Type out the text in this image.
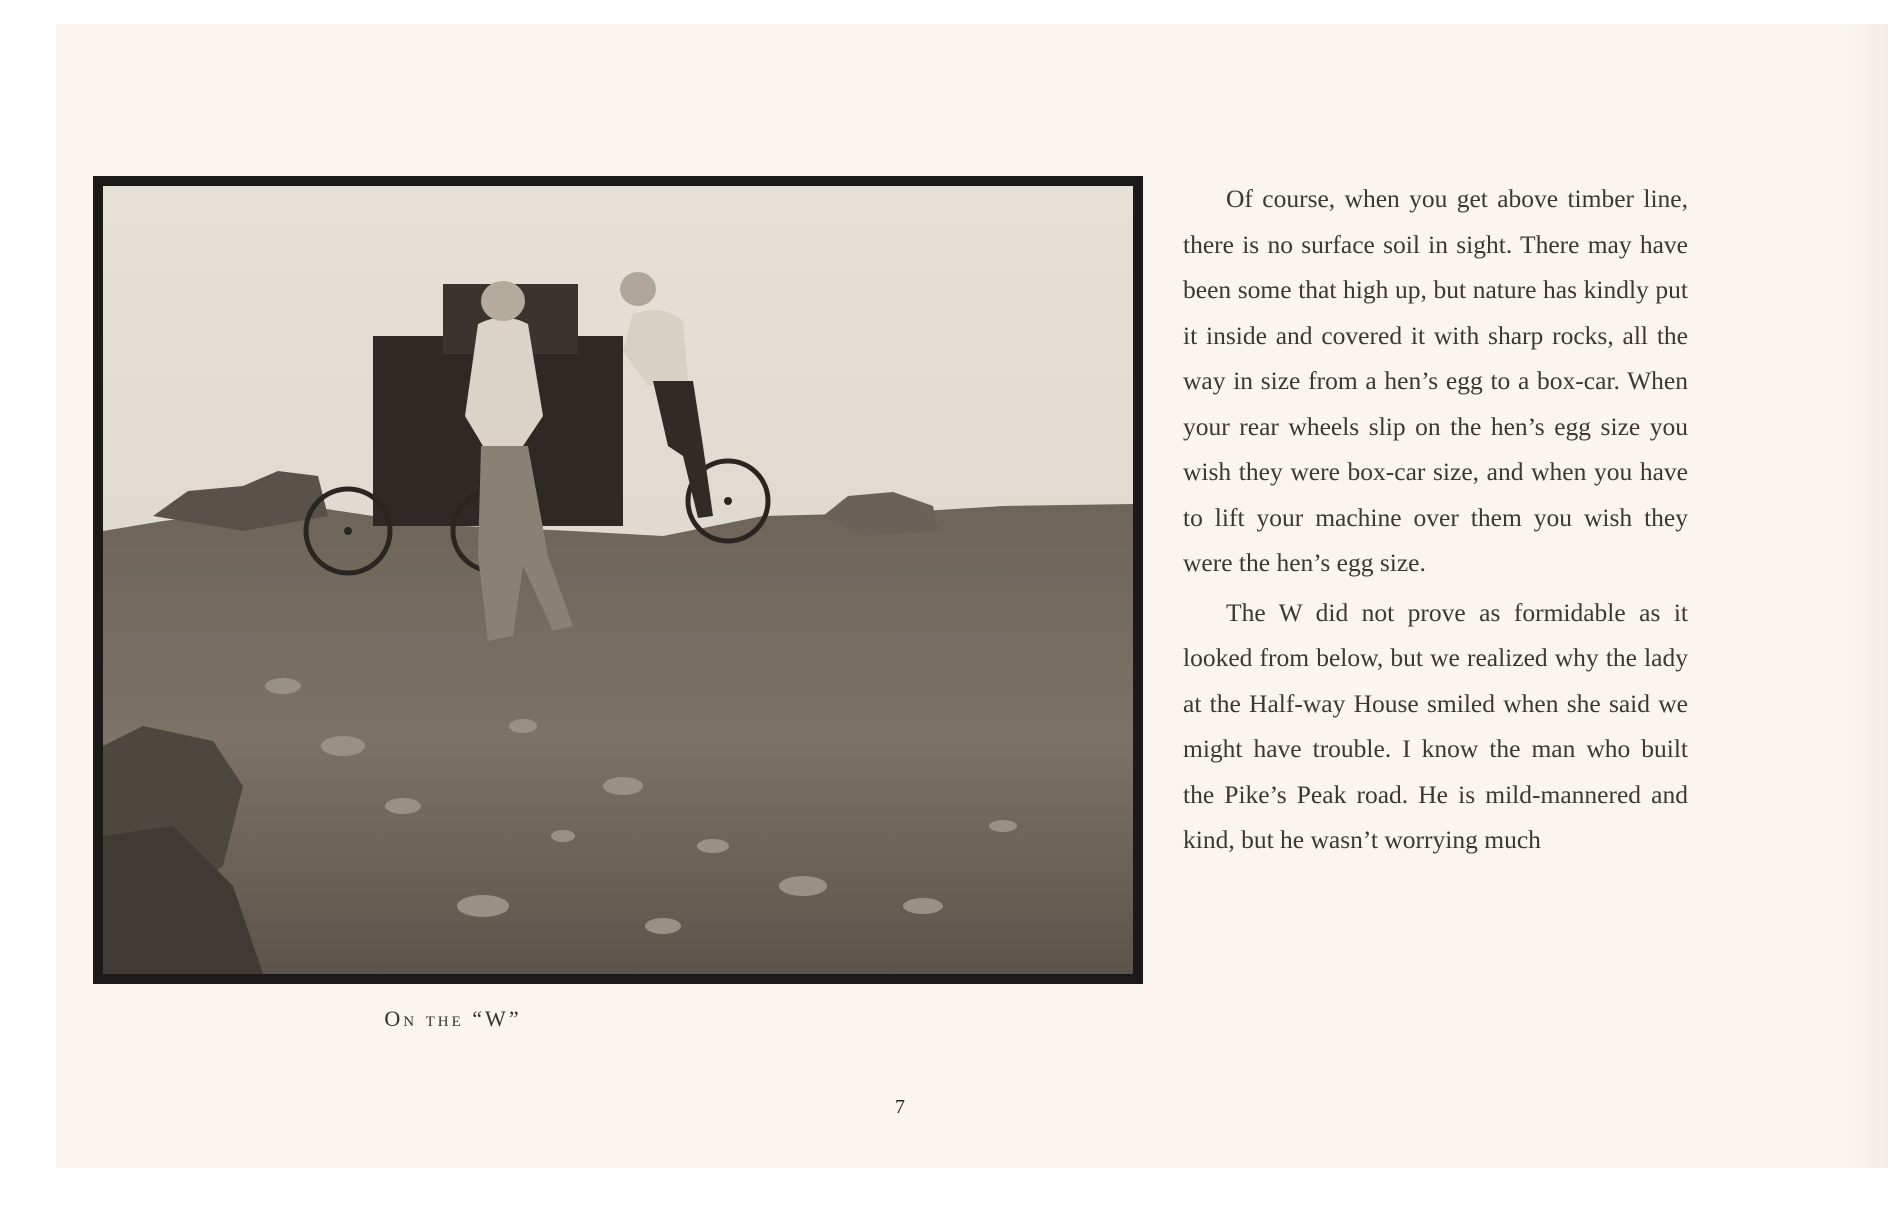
On the “W”

Of course, when you get above timber line, there is no surface soil in sight. There may have been some that high up, but nature has kindly put it inside and covered it with sharp rocks, all the way in size from a hen’s egg to a box-car. When your rear wheels slip on the hen’s egg size you wish they were box-car size, and when you have to lift your machine over them you wish they were the hen’s egg size.

The W did not prove as formidable as it looked from below, but we realized why the lady at the Half-way House smiled when she said we might have trouble. I know the man who built the Pike’s Peak road. He is mild-mannered and kind, but he wasn’t worrying much

7
